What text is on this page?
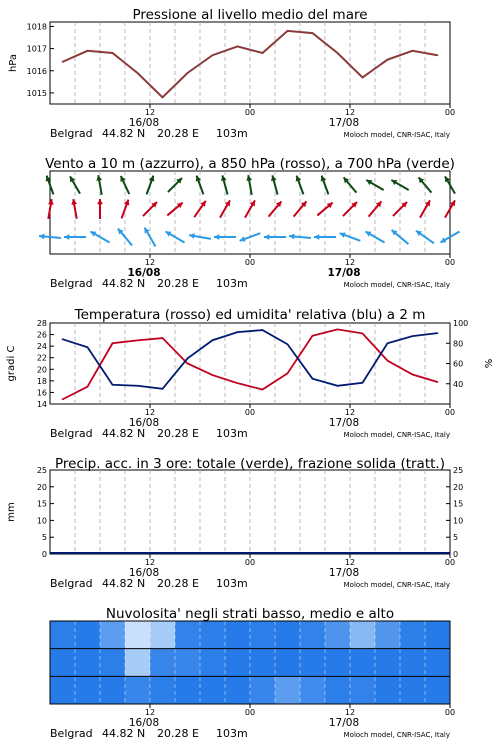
Pressione al livello medio del mare
12	00	12	00
16/08	17/08
Belgrad 44.82 N 20.28 E 103m	Moloch model, CNR-ISAC, Italy
1015
1016
1017
1018
hPa
Vento a 10 m (azzurro), a 850 hPa (rosso), a 700 hPa (verde)
12	00	12	00
16/08	17/08
Belgrad 44.82 N 20.28 E 103m	Moloch model, CNR-ISAC, Italy
Temperatura (rosso) ed umidita' relativa (blu) a 2 m
12	00	12	00
16/08	17/08
Belgrad 44.82 N 20.28 E 103m	Moloch model, CNR-ISAC, Italy
14
16
18
20
22
24
26
28
40
60
80
100
gradi C	%
Precip. acc. in 3 ore: totale (verde), frazione solida (tratt.)
12	00	12	00
16/08	17/08
Belgrad 44.82 N 20.28 E 103m	Moloch model, CNR-ISAC, Italy
0
5
10
15
20
25
0
5
10
15
20
25
mm
Nuvolosita' negli strati basso, medio e alto
12	00	12	00
16/08	17/08
Belgrad 44.82 N 20.28 E 103m	Moloch model, CNR-ISAC, Italy
